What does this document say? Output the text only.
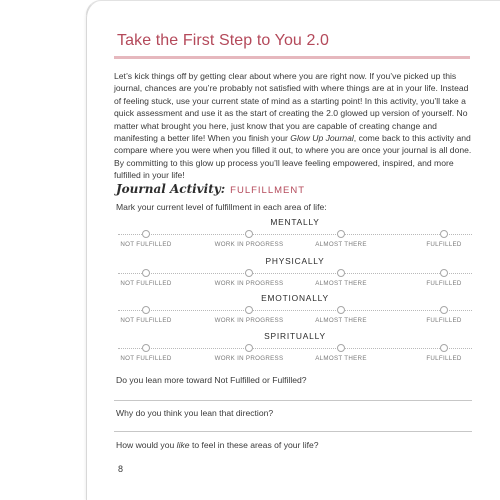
Take the First Step to You 2.0

Let’s kick things off by getting clear about where you are right now. If you’ve picked up this journal, chances are you’re probably not satisfied with where things are at in your life. Instead of feeling stuck, use your current state of mind as a starting point! In this activity, you’ll take a quick assessment and use it as the start of creating the 2.0 glowed up version of yourself. No matter what brought you here, just know that you are capable of creating change and manifesting a better life! When you finish your Glow Up Journal, come back to this activity and compare where you were when you filled it out, to where you are once your journal is all done. By committing to this glow up process you’ll leave feeling empowered, inspired, and more fulfilled in your life!

Journal Activity: FULFILLMENT
Mark your current level of fulfillment in each area of life:
MENTALLY
NOT FULFILLED	WORK IN PROGRESS	ALMOST THERE	FULFILLED
PHYSICALLY
NOT FULFILLED	WORK IN PROGRESS	ALMOST THERE	FULFILLED
EMOTIONALLY
NOT FULFILLED	WORK IN PROGRESS	ALMOST THERE	FULFILLED
SPIRITUALLY
NOT FULFILLED	WORK IN PROGRESS	ALMOST THERE	FULFILLED
Do you lean more toward Not Fulfilled or Fulfilled?
Why do you think you lean that direction?
How would you like to feel in these areas of your life?
8
